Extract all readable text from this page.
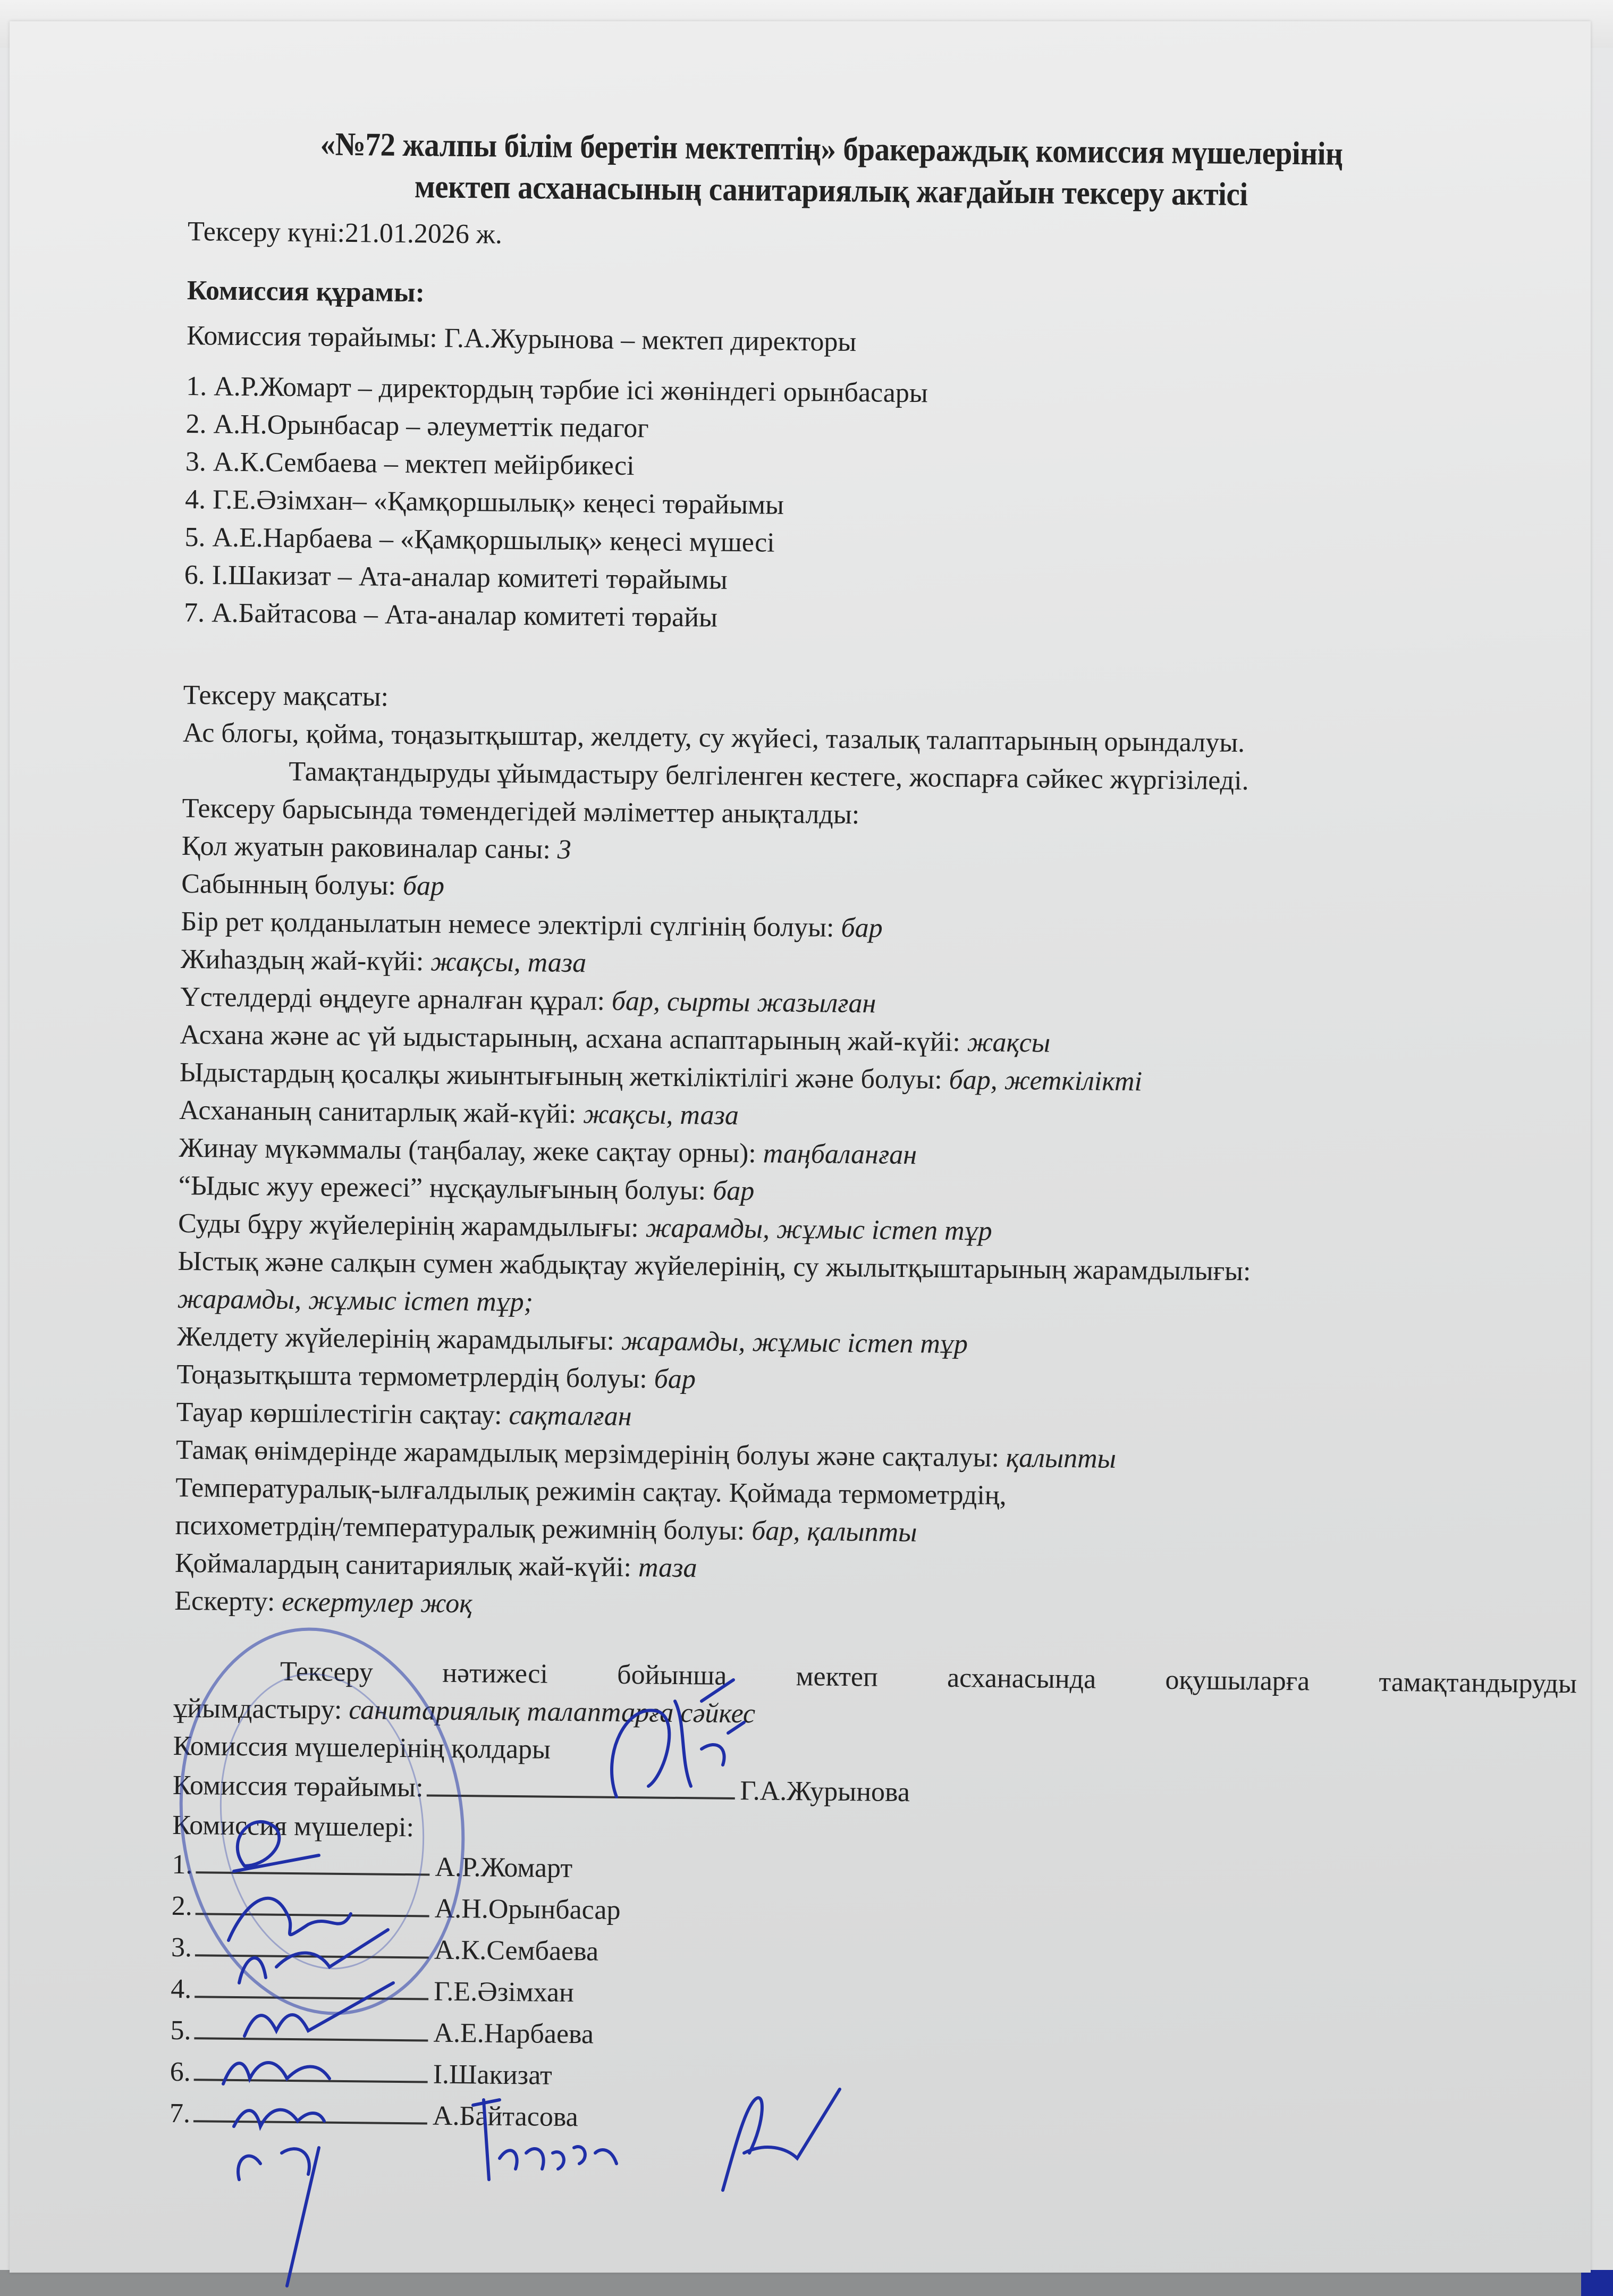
«№72 жалпы білім беретін мектептің» бракераждық комиссия мүшелерінің
мектеп асханасының санитариялық жағдайын тексеру актісі
Тексеру күні:21.01.2026 ж.
Комиссия құрамы:
Комиссия төрайымы: Г.А.Журынова – мектеп директоры
1. А.Р.Жомарт – директордың тәрбие ісі жөніндегі орынбасары
2. А.Н.Орынбасар – әлеуметтік педагог
3. А.К.Сембаева – мектеп мейірбикесі
4. Г.Е.Әзімхан– «Қамқоршылық» кеңесі төрайымы
5. А.Е.Нарбаева – «Қамқоршылық» кеңесі мүшесі
6. І.Шакизат – Ата-аналар комитеті төрайымы
7. А.Байтасова – Ата-аналар комитеті төрайы
Тексеру мақсаты:
Ас блогы, қойма, тоңазытқыштар, желдету, су жүйесі, тазалық талаптарының орындалуы.
Тамақтандыруды ұйымдастыру белгіленген кестеге, жоспарға сәйкес жүргізіледі.
Тексеру барысында төмендегідей мәліметтер анықталды:
Қол жуатын раковиналар саны: 3
Сабынның болуы: бар
Бір рет қолданылатын немесе электірлі сүлгінің болуы: бар
Жиһаздың жай-күйі: жақсы, таза
Үстелдерді өңдеуге арналған құрал: бар, сырты жазылған
Асхана және ас үй ыдыстарының, асхана аспаптарының жай-күйі: жақсы
Ыдыстардың қосалқы жиынтығының жеткіліктілігі және болуы: бар, жеткілікті
Асхананың санитарлық жай-күйі: жақсы, таза
Жинау мүкәммалы (таңбалау, жеке сақтау орны): таңбаланған
“Ыдыс жуу ережесі” нұсқаулығының болуы: бар
Суды бұру жүйелерінің жарамдылығы: жарамды, жұмыс істеп тұр
Ыстық және салқын сумен жабдықтау жүйелерінің, су жылытқыштарының жарамдылығы:
жарамды, жұмыс істеп тұр;
Желдету жүйелерінің жарамдылығы: жарамды, жұмыс істеп тұр
Тоңазытқышта термометрлердің болуы: бар
Тауар көршілестігін сақтау: сақталған
Тамақ өнімдерінде жарамдылық мерзімдерінің болуы және сақталуы: қалыпты
Температуралық-ылғалдылық режимін сақтау. Қоймада термометрдің,
психометрдің/температуралық режимнің болуы: бар, қалыпты
Қоймалардың санитариялық жай-күйі: таза
Ескерту: ескертулер жоқ
Тексеру нәтижесі бойынша мектеп асханасында оқушыларға тамақтандыруды
ұйымдастыру: санитариялық талаптарға сәйкес
Комиссия мүшелерінің қолдары
Комиссия төрайымы:	Г.А.Журынова
Комиссия мүшелері:
1.	А.Р.Жомарт
2.	А.Н.Орынбасар
3.	А.К.Сембаева
4.	Г.Е.Әзімхан
5.	А.Е.Нарбаева
6.	І.Шакизат
7.	А.Байтасова
